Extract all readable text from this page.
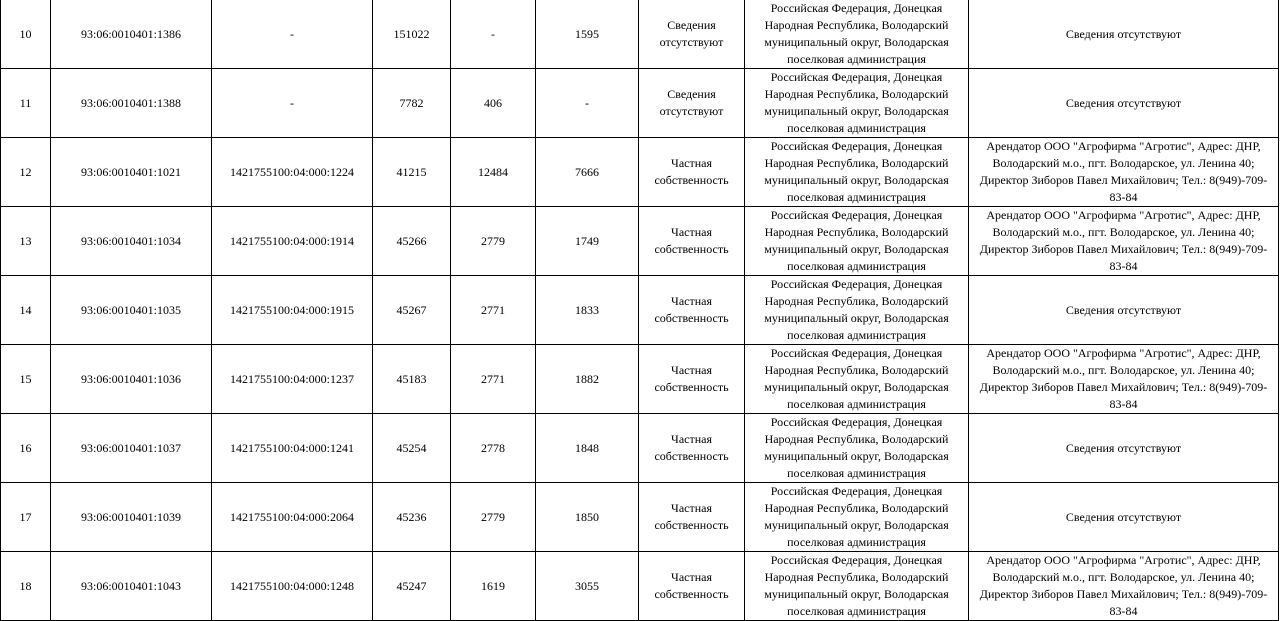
10	93:06:0010401:1386	-	151022	-	1595	Сведения отсутствуют	Российская Федерация, Донецкая Народная Республика, Володарский муниципальный округ, Володарская поселковая администрация	Сведения отсутствуют
11	93:06:0010401:1388	-	7782	406	-	Сведения отсутствуют	Российская Федерация, Донецкая Народная Республика, Володарский муниципальный округ, Володарская поселковая администрация	Сведения отсутствуют
12	93:06:0010401:1021	1421755100:04:000:1224	41215	12484	7666	Частная собственность	Российская Федерация, Донецкая Народная Республика, Володарский муниципальный округ, Володарская поселковая администрация	Арендатор ООО "Агрофирма "Агротис", Адрес: ДНР, Володарский м.о., пгт. Володарское, ул. Ленина 40; Директор Зиборов Павел Михайлович; Тел.: 8(949)-709-83-84
13	93:06:0010401:1034	1421755100:04:000:1914	45266	2779	1749	Частная собственность	Российская Федерация, Донецкая Народная Республика, Володарский муниципальный округ, Володарская поселковая администрация	Арендатор ООО "Агрофирма "Агротис", Адрес: ДНР, Володарский м.о., пгт. Володарское, ул. Ленина 40; Директор Зиборов Павел Михайлович; Тел.: 8(949)-709-83-84
14	93:06:0010401:1035	1421755100:04:000:1915	45267	2771	1833	Частная собственность	Российская Федерация, Донецкая Народная Республика, Володарский муниципальный округ, Володарская поселковая администрация	Сведения отсутствуют
15	93:06:0010401:1036	1421755100:04:000:1237	45183	2771	1882	Частная собственность	Российская Федерация, Донецкая Народная Республика, Володарский муниципальный округ, Володарская поселковая администрация	Арендатор ООО "Агрофирма "Агротис", Адрес: ДНР, Володарский м.о., пгт. Володарское, ул. Ленина 40; Директор Зиборов Павел Михайлович; Тел.: 8(949)-709-83-84
16	93:06:0010401:1037	1421755100:04:000:1241	45254	2778	1848	Частная собственность	Российская Федерация, Донецкая Народная Республика, Володарский муниципальный округ, Володарская поселковая администрация	Сведения отсутствуют
17	93:06:0010401:1039	1421755100:04:000:2064	45236	2779	1850	Частная собственность	Российская Федерация, Донецкая Народная Республика, Володарский муниципальный округ, Володарская поселковая администрация	Сведения отсутствуют
18	93:06:0010401:1043	1421755100:04:000:1248	45247	1619	3055	Частная собственность	Российская Федерация, Донецкая Народная Республика, Володарский муниципальный округ, Володарская поселковая администрация	Арендатор ООО "Агрофирма "Агротис", Адрес: ДНР, Володарский м.о., пгт. Володарское, ул. Ленина 40; Директор Зиборов Павел Михайлович; Тел.: 8(949)-709-83-84
